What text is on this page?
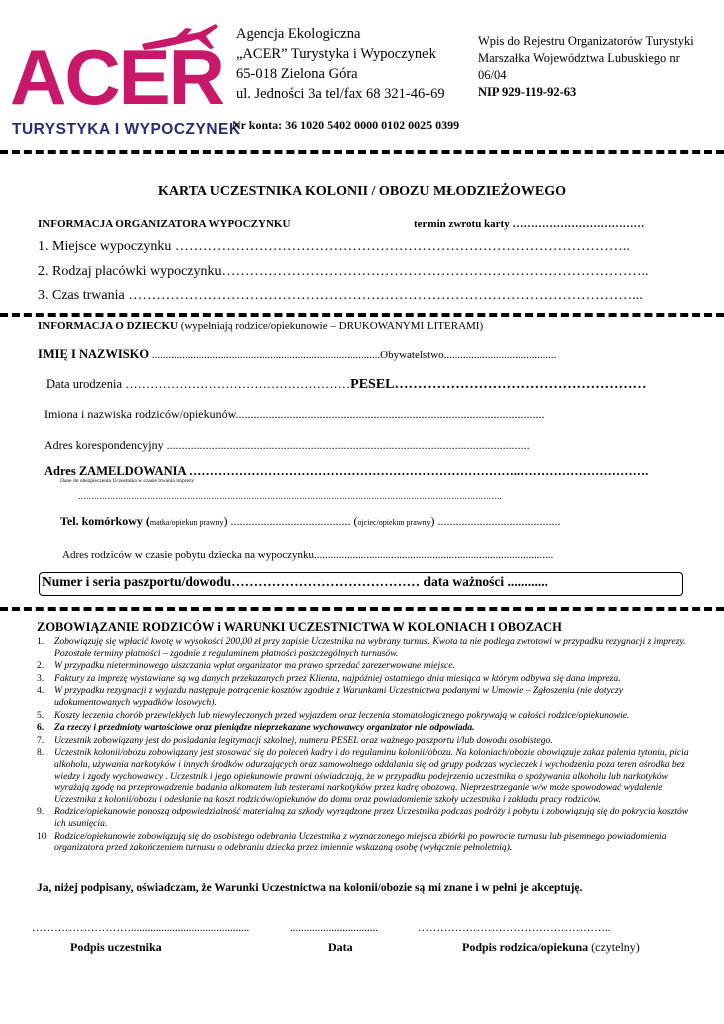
ACER
TURYSTYKA I WYPOCZYNEK
Agencja Ekologiczna
„ACER” Turystyka i Wypoczynek
65-018 Zielona Góra
ul. Jedności 3a tel/fax 68 321-46-69
Wpis do Rejestru Organizatorów Turystyki
Marszałka Województwa Lubuskiego nr
06/04
NIP 929-119-92-63
Nr konta: 36 1020 5402 0000 0102 0025 0399
KARTA UCZESTNIKA KOLONII / OBOZU MŁODZIEŻOWEGO
INFORMACJA ORGANIZATORA WYPOCZYNKU	termin zwrotu karty ………………………………
1. Miejsce wypoczynku ……………………………………………………………………………………..
2. Rodzaj placówki wypoczynku………………………………………………………………………………..
3. Czas trwania ………………………………………………………………………………………………...
INFORMACJA O DZIECKU (wypełniają rodzice/opiekunowie – DRUKOWANYMI LITERAMI)
IMIĘ I NAZWISKO ...................................................................................Obywatelstwo.........................................
Data urodzenia ………………………………………………PESEL………………………………………………
Imiona i nazwiska rodziców/opiekunów.......................................................................................................
Adres korespondencyjny .........................................................................................................................
Adres ZAMELDOWANIA ……………………………………………………………………..………………………….
Dane do ubezpieczenia Uczestnika w czasie trwania imprezy
……………………………………………………………………………………………………………………………………………
Tel. komórkowy (matka/opiekun prawny) ........................................ (ojciec/opiekun prawny) .........................................
Adres rodziców w czasie pobytu dziecka na wypoczynku.......................................................................................
Numer i seria paszportu/dowodu…………………………………… data ważności ............
ZOBOWIĄZANIE RODZICÓW i WARUNKI UCZESTNICTWA W KOLONIACH I OBOZACH
1.	Zobowiązuję się wpłacić kwotę w wysokości 200,00 zł przy zapisie Uczestnika na wybrany turnus. Kwota ta nie podlega zwrotowi w przypadku rezygnacji z imprezy. Pozostałe terminy płatności – zgodnie z regulaminem płatności poszczególnych turnusów.
2.	W przypadku nieterminowego uiszczania wpłat organizator ma prawo sprzedać zarezerwowane miejsce.
3.	Faktury za imprezę wystawiane są wg danych przekazanych przez Klienta, najpóźniej ostatniego dnia miesiąca w którym odbywa się dana impreza.
4.	W przypadku rezygnacji z wyjazdu następuje potrącenie kosztów zgodnie z Warunkami Uczestnictwa podanymi w Umowie – Zgłoszeniu (nie dotyczy udokumentowanych wypadków losowych).
5.	Koszty leczenia chorób przewlekłych lub niewyleczonych przed wyjazdem oraz leczenia stomatologicznego pokrywają w całości rodzice/opiekunowie.
6.	Za rzeczy i przedmioty wartościowe oraz pieniądze nieprzekazane wychowawcy organizator nie odpowiada.
7.	Uczestnik zobowiązany jest do posiadania legitymacji szkolnej, numeru PESEL oraz ważnego paszportu i/lub dowodu osobistego.
8.	Uczestnik kolonii/obozu zobowiązany jest stosować się do poleceń kadry i do regulaminu kolonii/obozu. Na koloniach/obozie obowiązuje zakaz palenia tytoniu, picia alkoholu, używania narkotyków i innych środków odurzających oraz samowolnego oddalania się od grupy podczas wycieczek i wychodzenia poza teren ośrodka bez wiedzy i zgody wychowawcy . Uczestnik i jego opiekunowie prawni oświadczają, że w przypadku podejrzenia uczestnika o spożywania alkoholu lub narkotyków wyrażają zgodę na przeprowadzenie badania alkomatem lub testerami narkotyków przez kadrę obozową. Nieprzestrzeganie w/w może spowodować wydalenie Uczestnika z kolonii/obozu i odesłanie na koszt rodziców/opiekunów do domu oraz powiadomienie szkoły uczestnika i zakładu pracy rodziców.
9.	Rodzice/opiekunowie ponoszą odpowiedzialność materialną za szkody wyrządzone przez Uczestnika podczas podróży i pobytu i zobowiązują się do pokrycia kosztów ich usunięcia.
10 Rodzice/opiekunowie zobowiązują się do osobistego odebrania Uczestnika z wyznaczonego miejsca zbiórki po powrocie turnusu lub pisemnego powiadomienia organizatora przed zakończeniem turnusu o odebraniu dziecka przez imiennie wskazaną osobę (wyłącznie pełnoletnią).
Ja, niżej podpisany, oświadczam, że Warunki Uczestnictwa na kolonii/obozie są mi znane i w pełni je akceptuję.
………………………...........................................	................................	……………………………………………..
Podpis uczestnika	Data	Podpis rodzica/opiekuna (czytelny)
